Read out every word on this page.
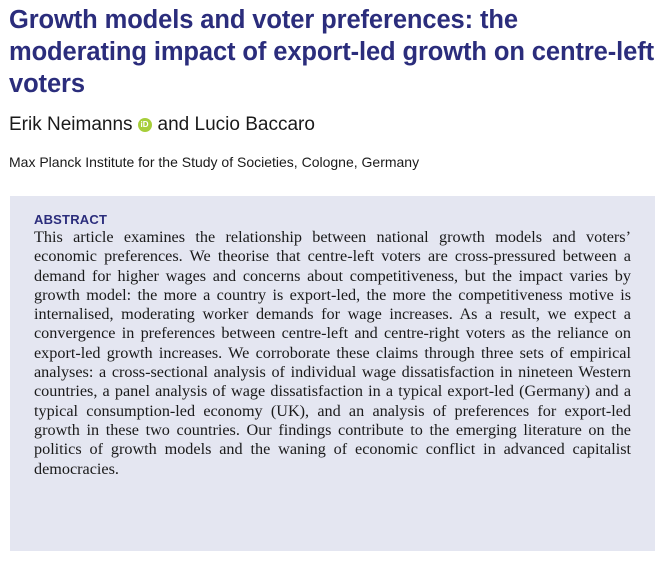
Growth models and voter preferences: the moderating impact of export-led growth on centre-left voters
Erik Neimanns iD and Lucio Baccaro
Max Planck Institute for the Study of Societies, Cologne, Germany
ABSTRACT

This article examines the relationship between national growth models and voters’ economic preferences. We theorise that centre-left voters are cross-pressured between a demand for higher wages and concerns about competitiveness, but the impact varies by growth model: the more a country is export-led, the more the competitiveness motive is internalised, moderating worker demands for wage increases. As a result, we expect a convergence in preferences between centre-left and centre-right voters as the reliance on export-led growth increases. We corroborate these claims through three sets of empirical analyses: a cross-sectional analysis of individual wage dissatisfaction in nineteen Western countries, a panel analysis of wage dissatisfaction in a typical export-led (Germany) and a typical consumption-led economy (UK), and an analysis of preferences for export-led growth in these two countries. Our findings contribute to the emerging literature on the politics of growth models and the waning of economic conflict in advanced capitalist democracies.
